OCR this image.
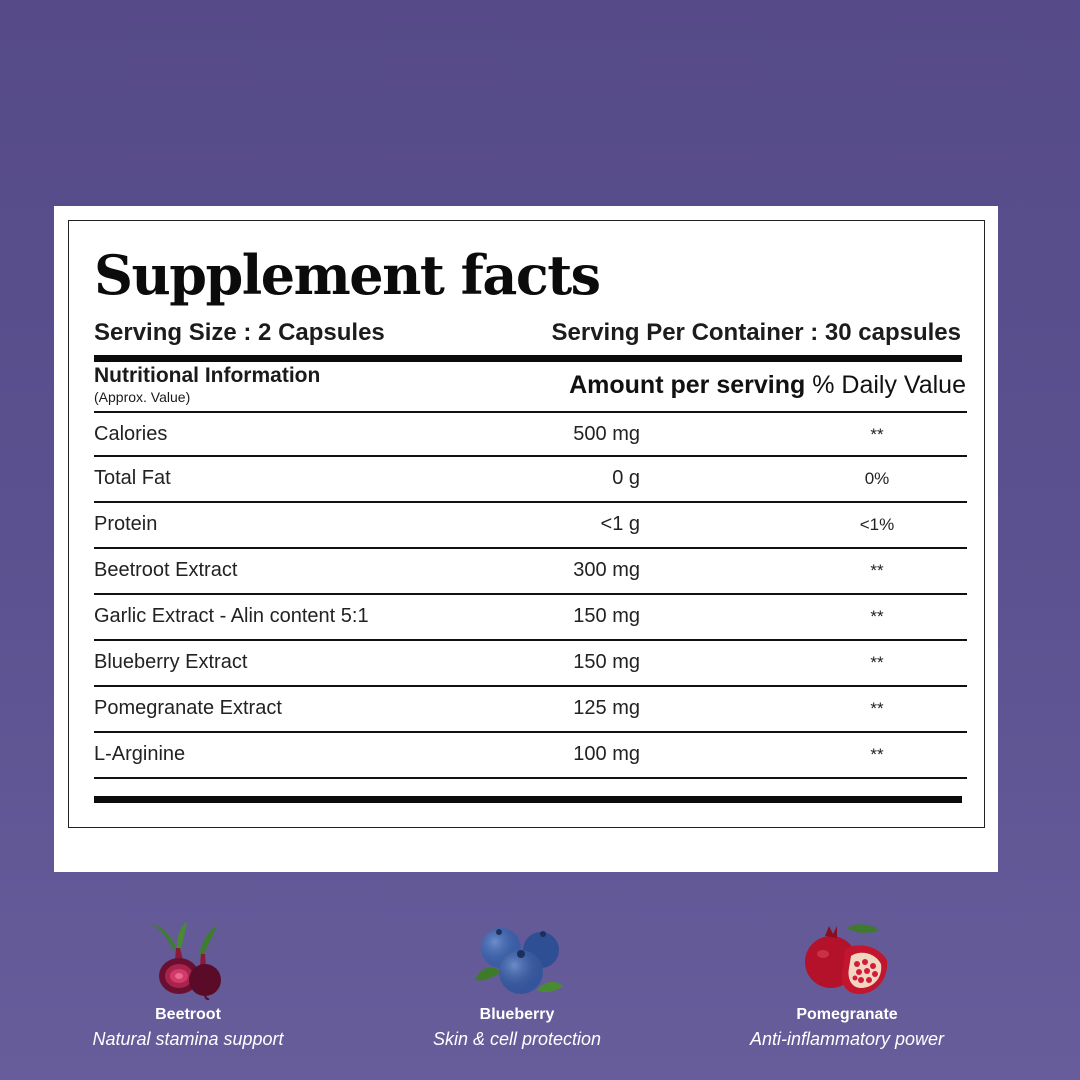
Supplement facts
Serving Size : 2 Capsules	Serving Per Container : 30 capsules
Nutritional Information
(Approx. Value)	Amount per serving % Daily Value
Calories	500 mg	**
Total Fat	0 g	0%
Protein	<1 g	<1%
Beetroot Extract	300 mg	**
Garlic Extract - Alin content 5:1	150 mg	**
Blueberry Extract	150 mg	**
Pomegranate Extract	125 mg	**
L-Arginine	100 mg	**
Beetroot
Natural stamina support
Blueberry
Skin & cell protection
Pomegranate
Anti-inflammatory power
